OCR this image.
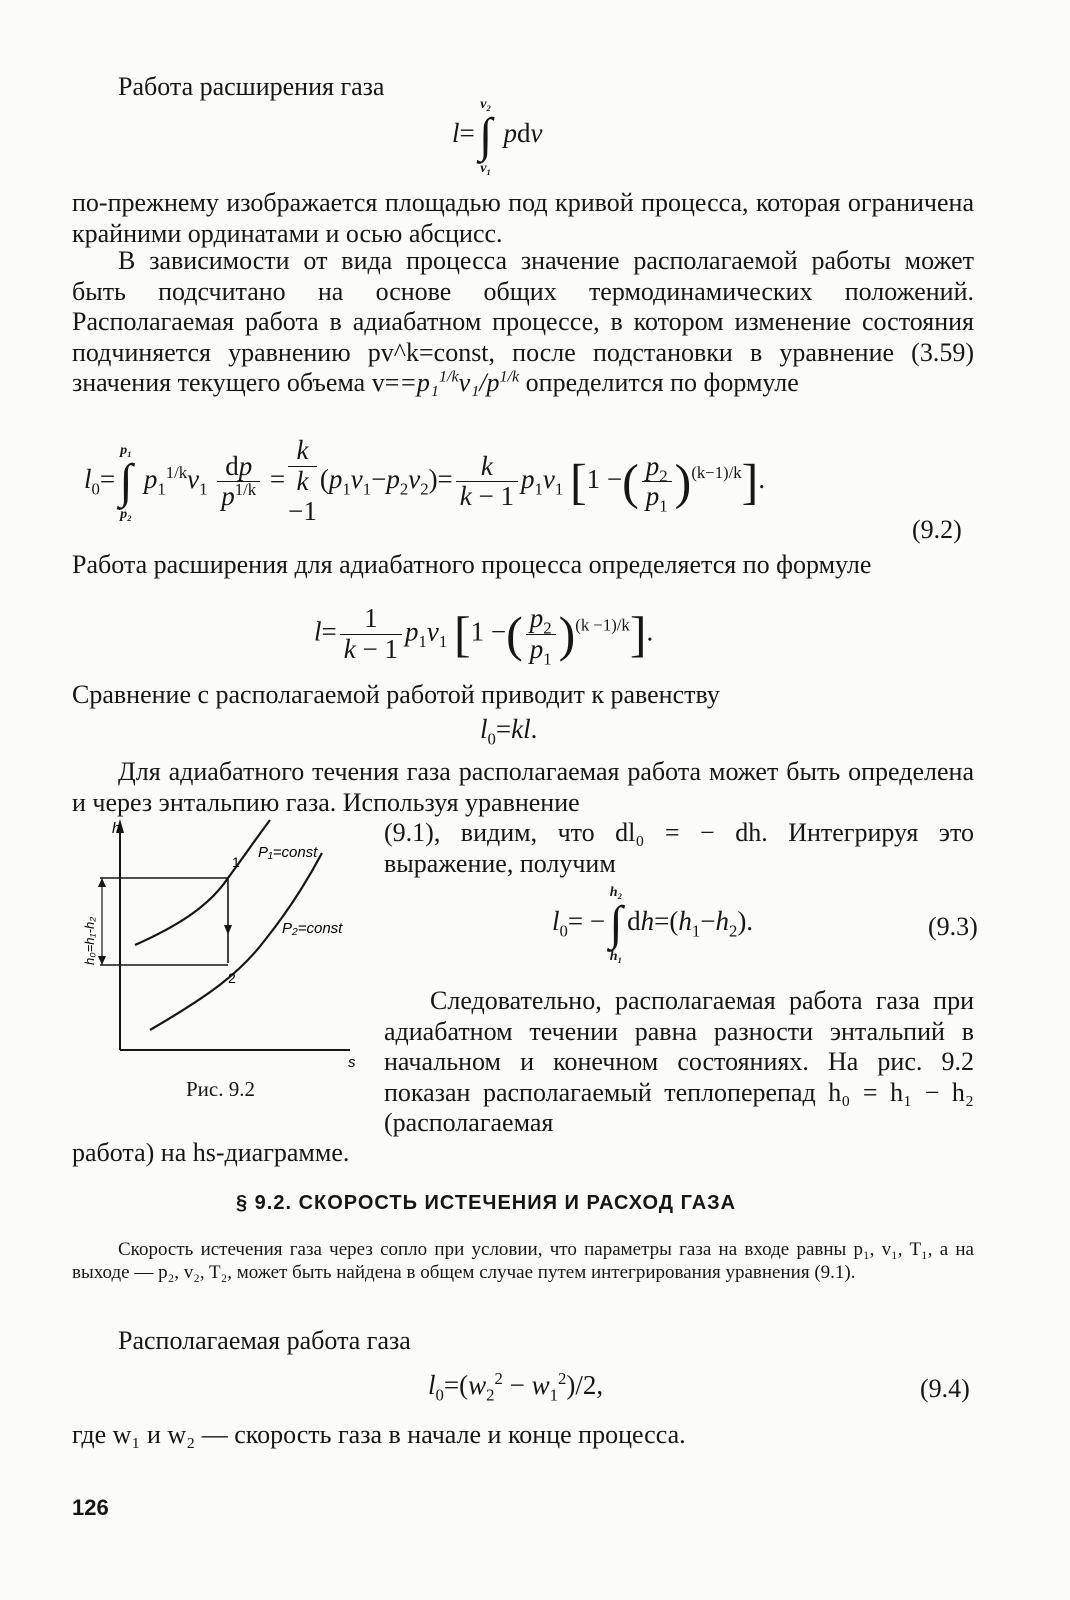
Работа расширения газа

l=∫
v₂
v₁
pdv

по-прежнему изображается площадью под кривой процесса, которая ограничена крайними ординатами и осью абсцисс.

В зависимости от вида процесса значение располагаемой работы может быть подсчитано на основе общих термодинамических положений. Располагаемая работа в адиабатном процессе, в котором изменение состояния подчиняется уравнению pv^k=const, после подстановки в уравнение (3.59) значения текущего объема $v==p_1^{1/k}v_1/p^{1/k}$ определится по формуле

$l_0=\int$
p₁
p₂
$p_1^{1/k}v_1 \frac{dp}{p^{1/k}}$ =
k
k
$-1(p_1v_1-p_2v_2)= \frac{k}{k - 1} p_1v_1$ [1 −( $\frac{p_2}{p_1} )^{(k-1)/k}$].
(9.2)

Работа расширения для адиабатного процесса определяется по формуле

$l= \frac{1}{k - 1} p_1v_1$ [1 −( $\frac{p_2}{p_1} )^{(k -1)/k}$].

Сравнение с располагаемой работой приводит к равенству

$l_0=kl$.

Для адиабатного течения газа располагаемая работа может быть определена и через энтальпию газа. Используя уравнение

(9.1), видим, что dl₀ = − dh. Интегрируя это выражение, получим

$l_0=$ −∫
h₂
h₁
$dh=(h_1-h_2)$.	(9.3)
h
s
h₀=h₁-h₂
1
2
P₁=const
P₂=const
Рис. 9.2

Следовательно, располагаемая работа газа при адиабатном течении равна разности энтальпий в начальном и конечном состояниях. На рис. 9.2 показан располагаемый теплоперепад h₀ = h₁ − h₂ (располагаемая

работа) на hs-диаграмме.

§ 9.2. СКОРОСТЬ ИСТЕЧЕНИЯ И РАСХОД ГАЗА

Скорость истечения газа через сопло при условии, что параметры газа на входе равны p₁, v₁, T₁, а на выходе — p₂, v₂, T₂, может быть найдена в общем случае путем интегрирования уравнения (9.1).

Располагаемая работа газа

$l_0=(w_2^2 - w_1^2)/2$,	(9.4)

где w₁ и w₂ — скорость газа в начале и конце процесса.

126
